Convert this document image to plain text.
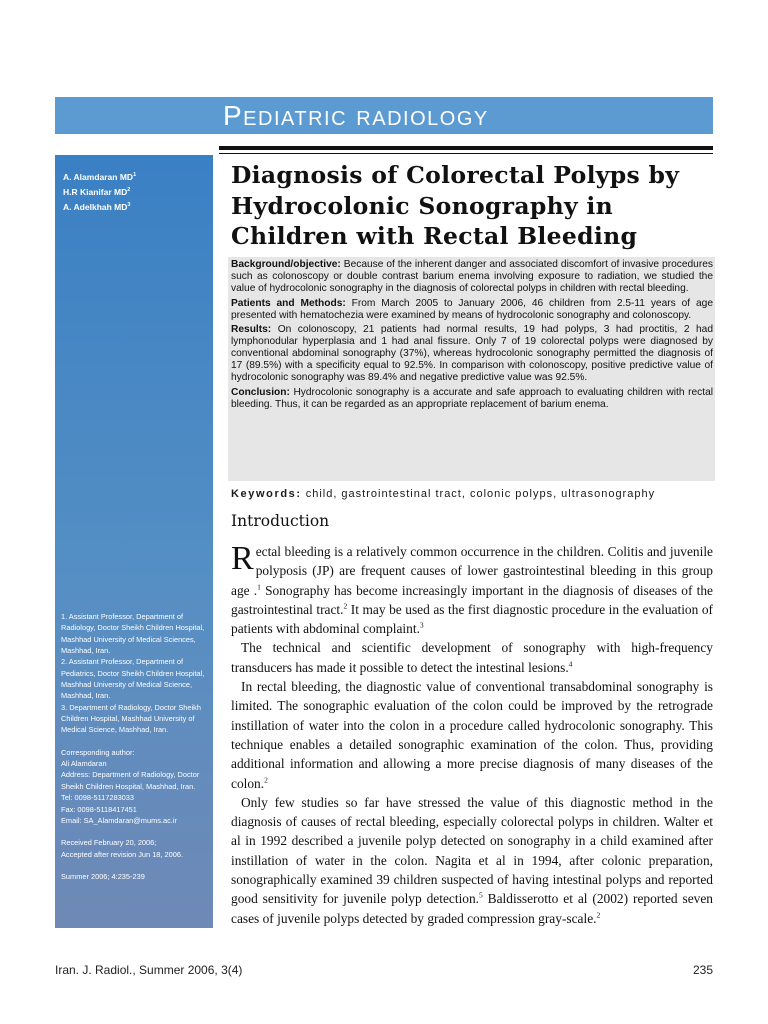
Pediatric radiology
A. Alamdaran $MD^1$
H.R Kianifar $MD^2$
A. Adelkhah $MD^3$
1. Assistant Professor, Department of Radiology, Doctor Sheikh Children Hospital, Mashhad University of Medical Sciences, Mashhad, Iran.
2. Assistant Professor, Department of Pediatrics, Doctor Sheikh Children Hospital, Mashhad University of Medical Science, Mashhad, Iran.
3. Department of Radiology, Doctor Sheikh Children Hospital, Mashhad University of Medical Science, Mashhad, Iran.
Corresponding author:
Ali Alamdaran
Address: Department of Radiology, Doctor Sheikh Children Hospital, Mashhad, Iran.
Tel: 0098-5117283033
Fax: 0098-5118417451
Email: SA_Alamdaran@mums.ac.ir
Received February 20, 2006;
Accepted after revision Jun 18, 2006.
Summer 2006; 4:235-239
Diagnosis of Colorectal Polyps by Hydrocolonic Sonography in Children with Rectal Bleeding

Background/objective: Because of the inherent danger and associated discomfort of invasive procedures such as colonoscopy or double contrast barium enema involving exposure to radiation, we studied the value of hydrocolonic sonography in the diagnosis of colorectal polyps in children with rectal bleeding.

Patients and Methods: From March 2005 to January 2006, 46 children from 2.5-11 years of age presented with hematochezia were examined by means of hydrocolonic sonography and colonoscopy.

Results: On colonoscopy, 21 patients had normal results, 19 had polyps, 3 had proctitis, 2 had lymphonodular hyperplasia and 1 had anal fissure. Only 7 of 19 colorectal polyps were diagnosed by conventional abdominal sonography (37%), whereas hydrocolonic sonography permitted the diagnosis of 17 (89.5%) with a specificity equal to 92.5%. In comparison with colonoscopy, positive predictive value of hydrocolonic sonography was 89.4% and negative predictive value was 92.5%.

Conclusion: Hydrocolonic sonography is a accurate and safe approach to evaluating children with rectal bleeding. Thus, it can be regarded as an appropriate replacement of barium enema.

Keywords: child, gastrointestinal tract, colonic polyps, ultrasonography
Introduction

Rectal bleeding is a relatively common occurrence in the children. Colitis and juvenile polyposis (JP) are frequent causes of lower gastrointestinal bleeding in this group age .$^1$ Sonography has become increasingly important in the diagnosis of diseases of the gastrointestinal tract.$^2$ It may be used as the first diagnostic procedure in the evaluation of patients with abdominal complaint.$^3$

The technical and scientific development of sonography with high-frequency transducers has made it possible to detect the intestinal lesions.$^4$

In rectal bleeding, the diagnostic value of conventional transabdominal sonography is limited. The sonographic evaluation of the colon could be improved by the retrograde instillation of water into the colon in a procedure called hydrocolonic sonography. This technique enables a detailed sonographic examination of the colon. Thus, providing additional information and allowing a more precise diagnosis of many diseases of the colon.$^2$

Only few studies so far have stressed the value of this diagnostic method in the diagnosis of causes of rectal bleeding, especially colorectal polyps in children. Walter et al in 1992 described a juvenile polyp detected on sonography in a child examined after instillation of water in the colon. Nagita et al in 1994, after colonic preparation, sonographically examined 39 children suspected of having intestinal polyps and reported good sensitivity for juvenile polyp detection.$^5$ Baldisserotto et al (2002) reported seven cases of juvenile polyps detected by graded compression gray-scale.$^2$

Iran. J. Radiol., Summer 2006, 3(4)	235
